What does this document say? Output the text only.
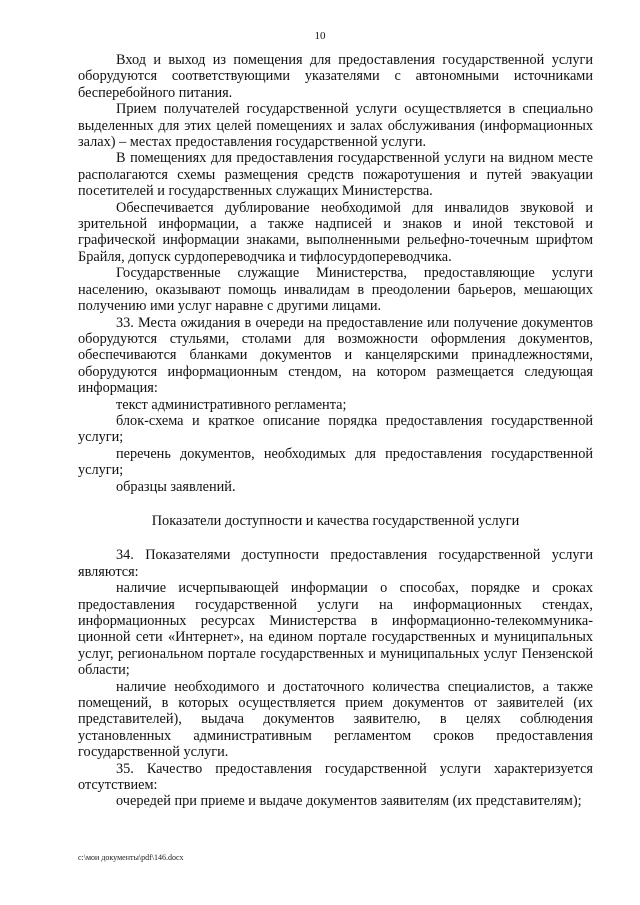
10

Вход и выход из помещения для предоставления государственной услуги оборудуются соответствующими указателями с автономными источниками бесперебойного питания.

Прием получателей государственной услуги осуществляется в специально выделенных для этих целей помещениях и залах обслуживания (информационных залах) – местах предоставления государственной услуги.

В помещениях для предоставления государственной услуги на видном месте располагаются схемы размещения средств пожаротушения и путей эвакуации посетителей и государственных служащих Министерства.

Обеспечивается дублирование необходимой для инвалидов звуковой и зрительной информации, а также надписей и знаков и иной текстовой и графической информации знаками, выполненными рельефно-точечным шрифтом Брайля, допуск сурдопереводчика и тифлосурдопереводчика.

Государственные служащие Министерства, предоставляющие услуги населению, оказывают помощь инвалидам в преодолении барьеров, мешающих получению ими услуг наравне с другими лицами.

33. Места ожидания в очереди на предоставление или получение документов оборудуются стульями, столами для возможности оформления документов, обеспечиваются бланками документов и канцелярскими принадлежностями, оборудуются информационным стендом, на котором размещается следующая информация:

текст административного регламента;

блок-схема и краткое описание порядка предоставления государственной услуги;

перечень документов, необходимых для предоставления государственной услуги;

образцы заявлений.

Показатели доступности и качества государственной услуги

34. Показателями доступности предоставления государственной услуги являются:

наличие исчерпывающей информации о способах, порядке и сроках предоставления государственной услуги на информационных стендах, информационных ресурсах Министерства в информационно-телекоммуникационной сети «Интернет», на едином портале государственных и муниципальных услуг, региональном портале государственных и муниципальных услуг Пензенской области;

наличие необходимого и достаточного количества специалистов, а также помещений, в которых осуществляется прием документов от заявителей (их представителей), выдача документов заявителю, в целях соблюдения установленных административным регламентом сроков предоставления государственной услуги.

35. Качество предоставления государственной услуги характеризуется отсутствием:

очередей при приеме и выдаче документов заявителям (их представителям);

c:\мои документы\pdf\146.docx
